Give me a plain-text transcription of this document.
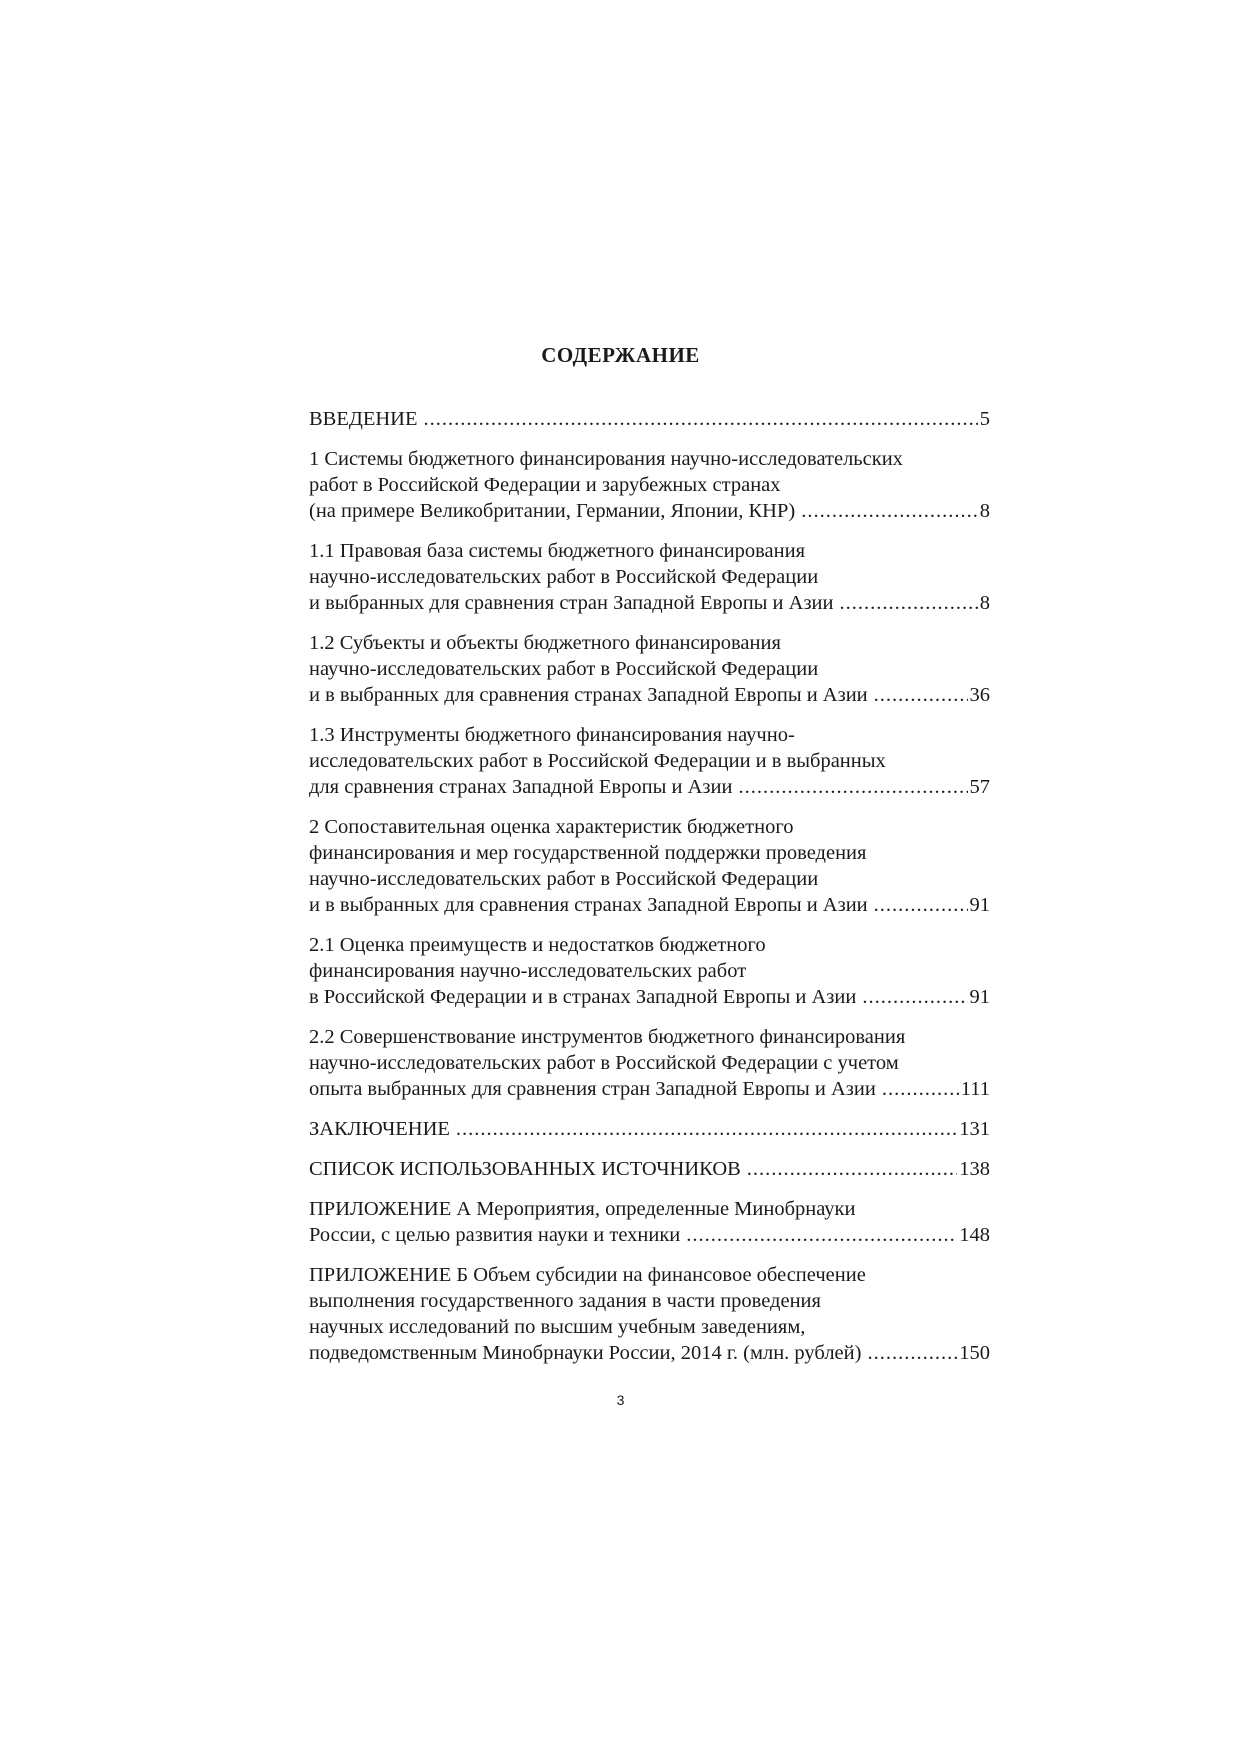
СОДЕРЖАНИЕ
ВВЕДЕНИЕ .....	5
1 Системы бюджетного финансирования научно-исследовательских
работ в Российской Федерации и зарубежных странах
(на примере Великобритании, Германии, Японии, КНР) .....	8
1.1 Правовая база системы бюджетного финансирования
научно-исследовательских работ в Российской Федерации
и выбранных для сравнения стран Западной Европы и Азии .....	8
1.2 Субъекты и объекты бюджетного финансирования
научно-исследовательских работ в Российской Федерации
и в выбранных для сравнения странах Западной Европы и Азии .....	36
1.3 Инструменты бюджетного финансирования научно-
исследовательских работ в Российской Федерации и в выбранных
для сравнения странах Западной Европы и Азии .....	57
2 Сопоставительная оценка характеристик бюджетного
финансирования и мер государственной поддержки проведения
научно-исследовательских работ в Российской Федерации
и в выбранных для сравнения странах Западной Европы и Азии .....	91
2.1 Оценка преимуществ и недостатков бюджетного
финансирования научно-исследовательских работ
в Российской Федерации и в странах Западной Европы и Азии .....	91
2.2 Совершенствование инструментов бюджетного финансирования
научно-исследовательских работ в Российской Федерации с учетом
опыта выбранных для сравнения стран Западной Европы и Азии .....	111
ЗАКЛЮЧЕНИЕ .....	131
СПИСОК ИСПОЛЬЗОВАННЫХ ИСТОЧНИКОВ .....	138
ПРИЛОЖЕНИЕ А Мероприятия, определенные Минобрнауки
России, с целью развития науки и техники .....	148
ПРИЛОЖЕНИЕ Б Объем субсидии на финансовое обеспечение
выполнения государственного задания в части проведения
научных исследований по высшим учебным заведениям,
подведомственным Минобрнауки России, 2014 г. (млн. рублей) .....	150
3
